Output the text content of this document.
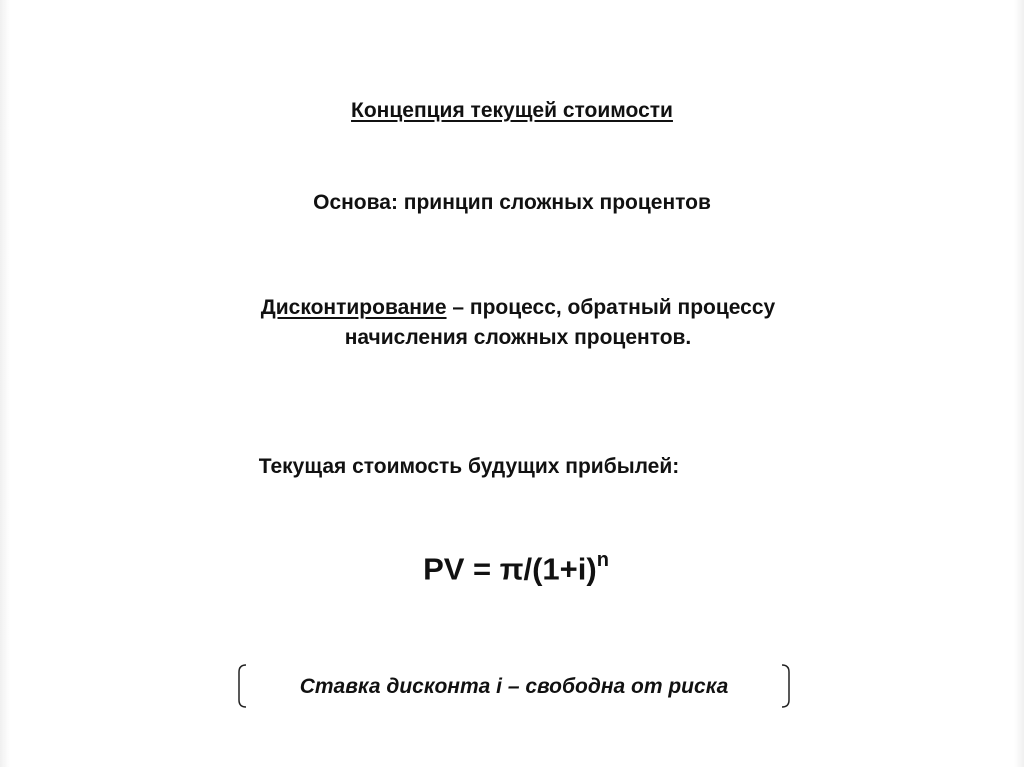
Концепция текущей стоимости
Основа: принцип сложных процентов
Дисконтирование – процесс, обратный процессу
начисления сложных процентов.
Текущая стоимость будущих прибылей:
PV = $\pi/(1+i)^n$
Ставка дисконта i – свободна от риска
